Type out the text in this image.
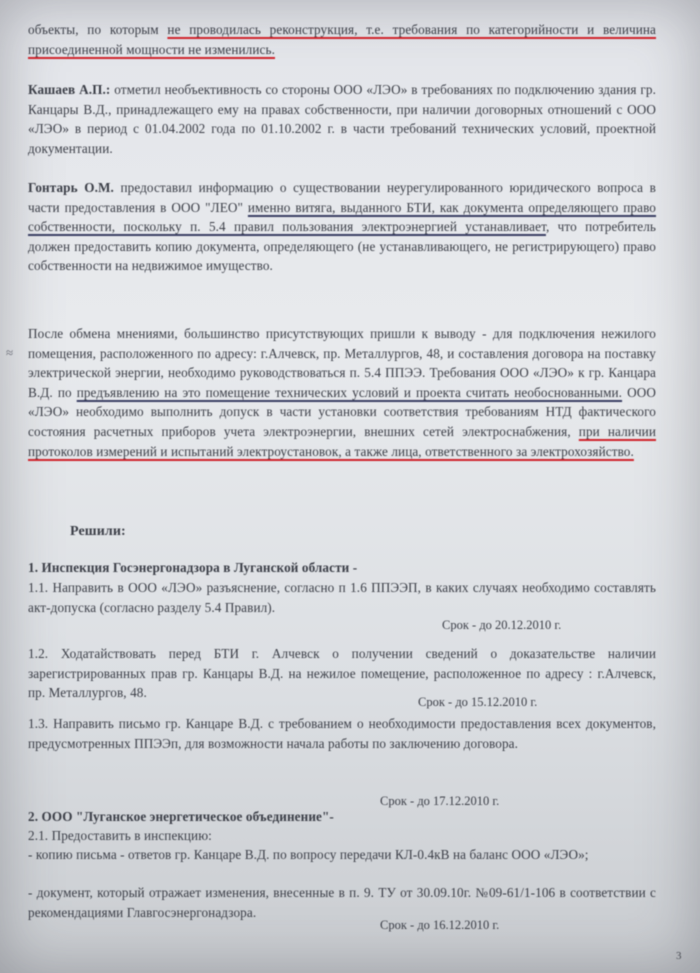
объекты, по которым не проводилась реконструкция, т.е. требования по категорийности и величина присоединенной мощности не изменились.

Кашаев А.П.: отметил необъективность со стороны ООО «ЛЭО» в требованиях по подключению здания гр. Канцары В.Д., принадлежащего ему на правах собственности, при наличии договорных отношений с ООО «ЛЭО» в период с 01.04.2002 года по 01.10.2002 г. в части требований технических условий, проектной документации.

Гонтарь О.М. предоставил информацию о существовании неурегулированного юридического вопроса в части предоставления в ООО "ЛЕО" именно витяга, выданного БТИ, как документа определяющего право собственности, поскольку п. 5.4 правил пользования электроэнергией устанавливает, что потребитель должен предоставить копию документа, определяющего (не устанавливающего, не регистрирующего) право собственности на недвижимое имущество.

После обмена мнениями, большинство присутствующих пришли к выводу - для подключения нежилого помещения, расположенного по адресу: г.Алчевск, пр. Металлургов, 48, и составления договора на поставку электрической энергии, необходимо руководствоваться п. 5.4 ППЭЭ. Требования ООО «ЛЭО» к гр. Канцара В.Д. по предъявлению на это помещение технических условий и проекта считать необоснованными. ООО «ЛЭО» необходимо выполнить допуск в части установки соответствия требованиям НТД фактического состояния расчетных приборов учета электроэнергии, внешних сетей электроснабжения, при наличии протоколов измерений и испытаний электроустановок, а также лица, ответственного за электрохозяйство.

Решили:

1. Инспекция Госэнергонадзора в Луганской области -

1.1. Направить в ООО «ЛЭО» разъяснение, согласно п 1.6 ППЭЭП, в каких случаях необходимо составлять акт-допуска (согласно разделу 5.4 Правил).

Срок - до 20.12.2010 г.

1.2. Ходатайствовать перед БТИ г. Алчевск о получении сведений о доказательстве наличии зарегистрированных прав гр. Канцары В.Д. на нежилое помещение, расположенное по адресу : г.Алчевск, пр. Металлургов, 48.

Срок - до 15.12.2010 г.

1.3. Направить письмо гр. Канцаре В.Д. с требованием о необходимости предоставления всех документов, предусмотренных ППЭЭп, для возможности начала работы по заключению договора.

Срок - до 17.12.2010 г.

2. ООО "Луганское энергетическое объединение"-

2.1. Предоставить в инспекцию:

- копию письма - ответов гр. Канцаре В.Д. по вопросу передачи КЛ-0.4кВ на баланс ООО «ЛЭО»;

- документ, который отражает изменения, внесенные в п. 9. ТУ от 30.09.10г. №09-61/1-106 в соответствии с рекомендациями Главгосэнергонадзора.

Срок - до 16.12.2010 г.
3
≈
